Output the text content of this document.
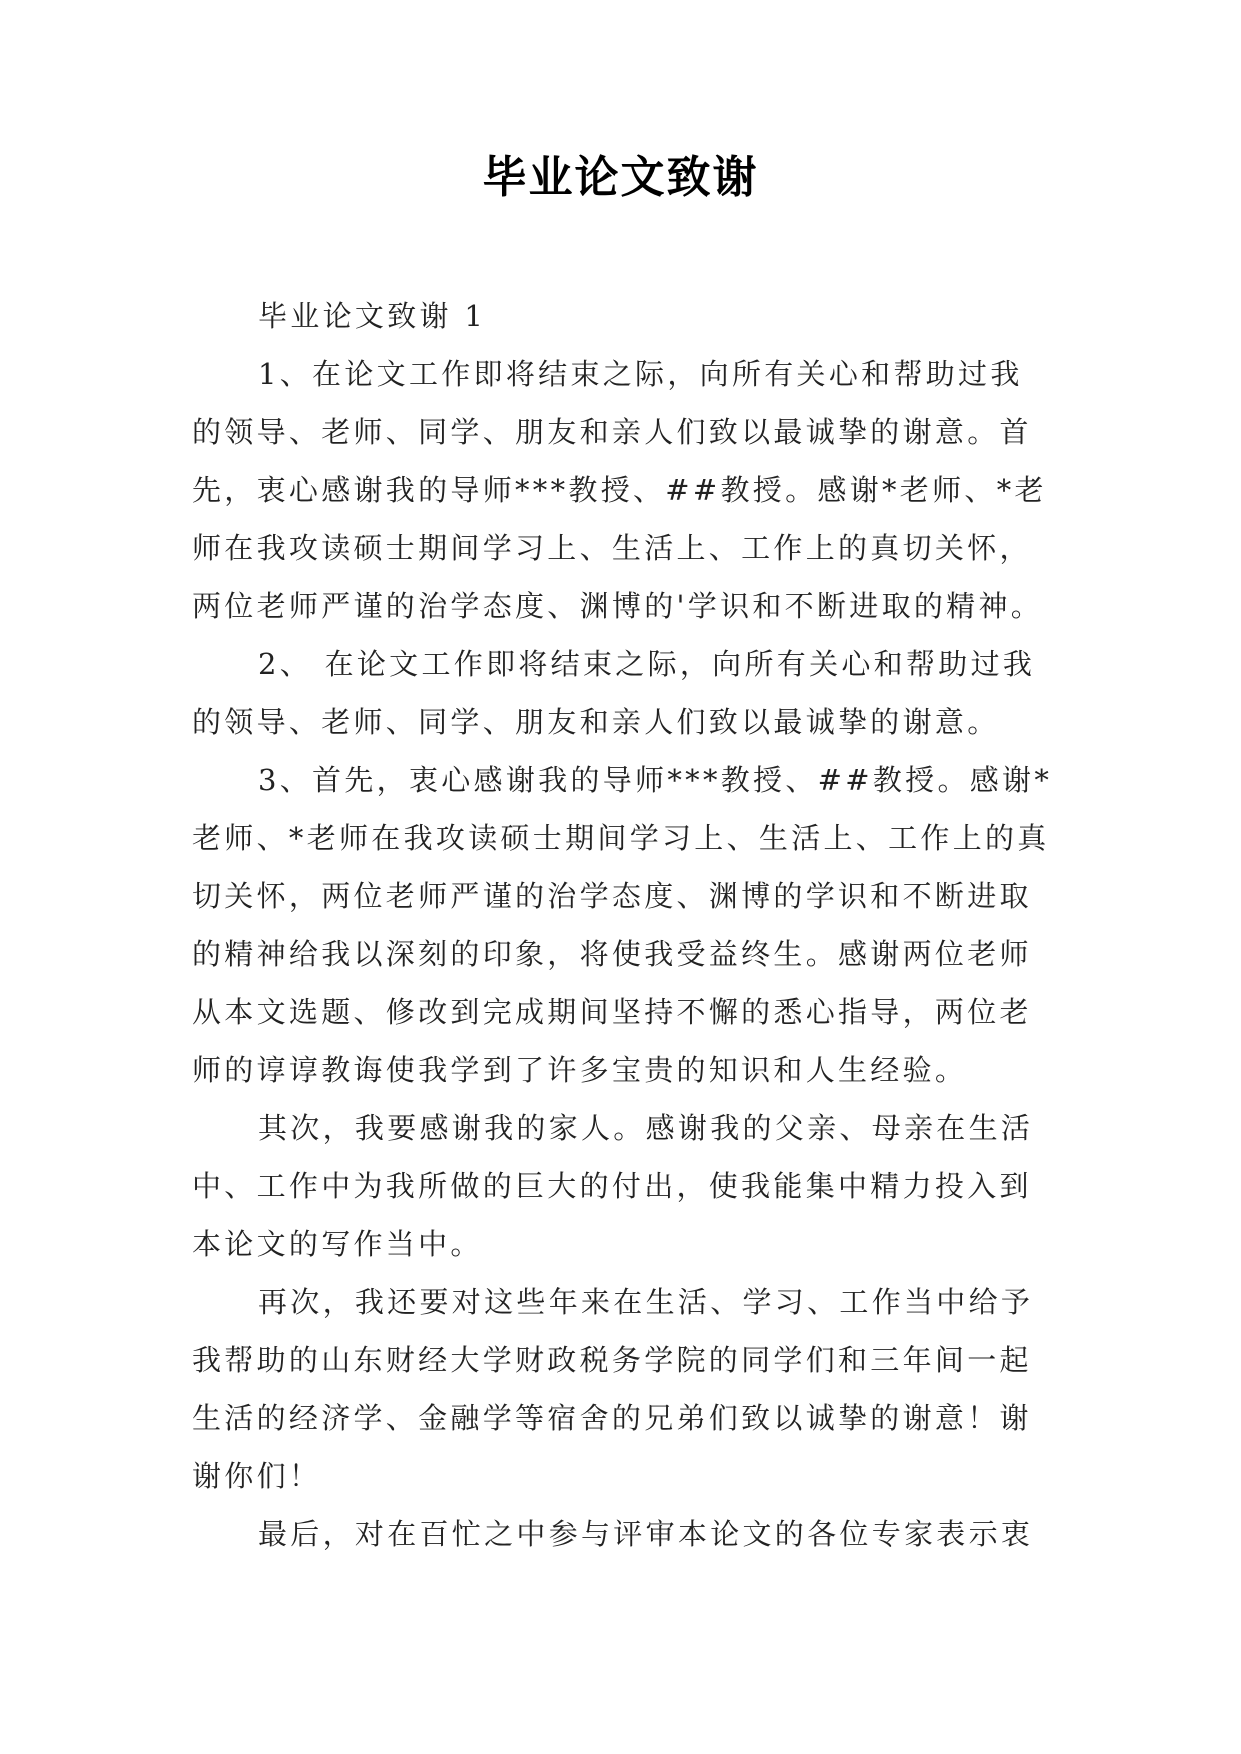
毕业论文致谢

毕业论文致谢 1

1、在论文工作即将结束之际，向所有关心和帮助过我的领导、老师、同学、朋友和亲人们致以最诚挚的谢意。首先，衷心感谢我的导师***教授、##教授。感谢*老师、*老师在我攻读硕士期间学习上、生活上、工作上的真切关怀，两位老师严谨的治学态度、渊博的'学识和不断进取的精神。

2、 在论文工作即将结束之际，向所有关心和帮助过我的领导、老师、同学、朋友和亲人们致以最诚挚的谢意。

3、首先，衷心感谢我的导师***教授、##教授。感谢*老师、*老师在我攻读硕士期间学习上、生活上、工作上的真切关怀，两位老师严谨的治学态度、渊博的学识和不断进取的精神给我以深刻的印象，将使我受益终生。感谢两位老师从本文选题、修改到完成期间坚持不懈的悉心指导，两位老师的谆谆教诲使我学到了许多宝贵的知识和人生经验。

其次，我要感谢我的家人。感谢我的父亲、母亲在生活中、工作中为我所做的巨大的付出，使我能集中精力投入到本论文的写作当中。

再次，我还要对这些年来在生活、学习、工作当中给予我帮助的山东财经大学财政税务学院的同学们和三年间一起生活的经济学、金融学等宿舍的兄弟们致以诚挚的谢意！谢谢你们！

最后，对在百忙之中参与评审本论文的各位专家表示衷
